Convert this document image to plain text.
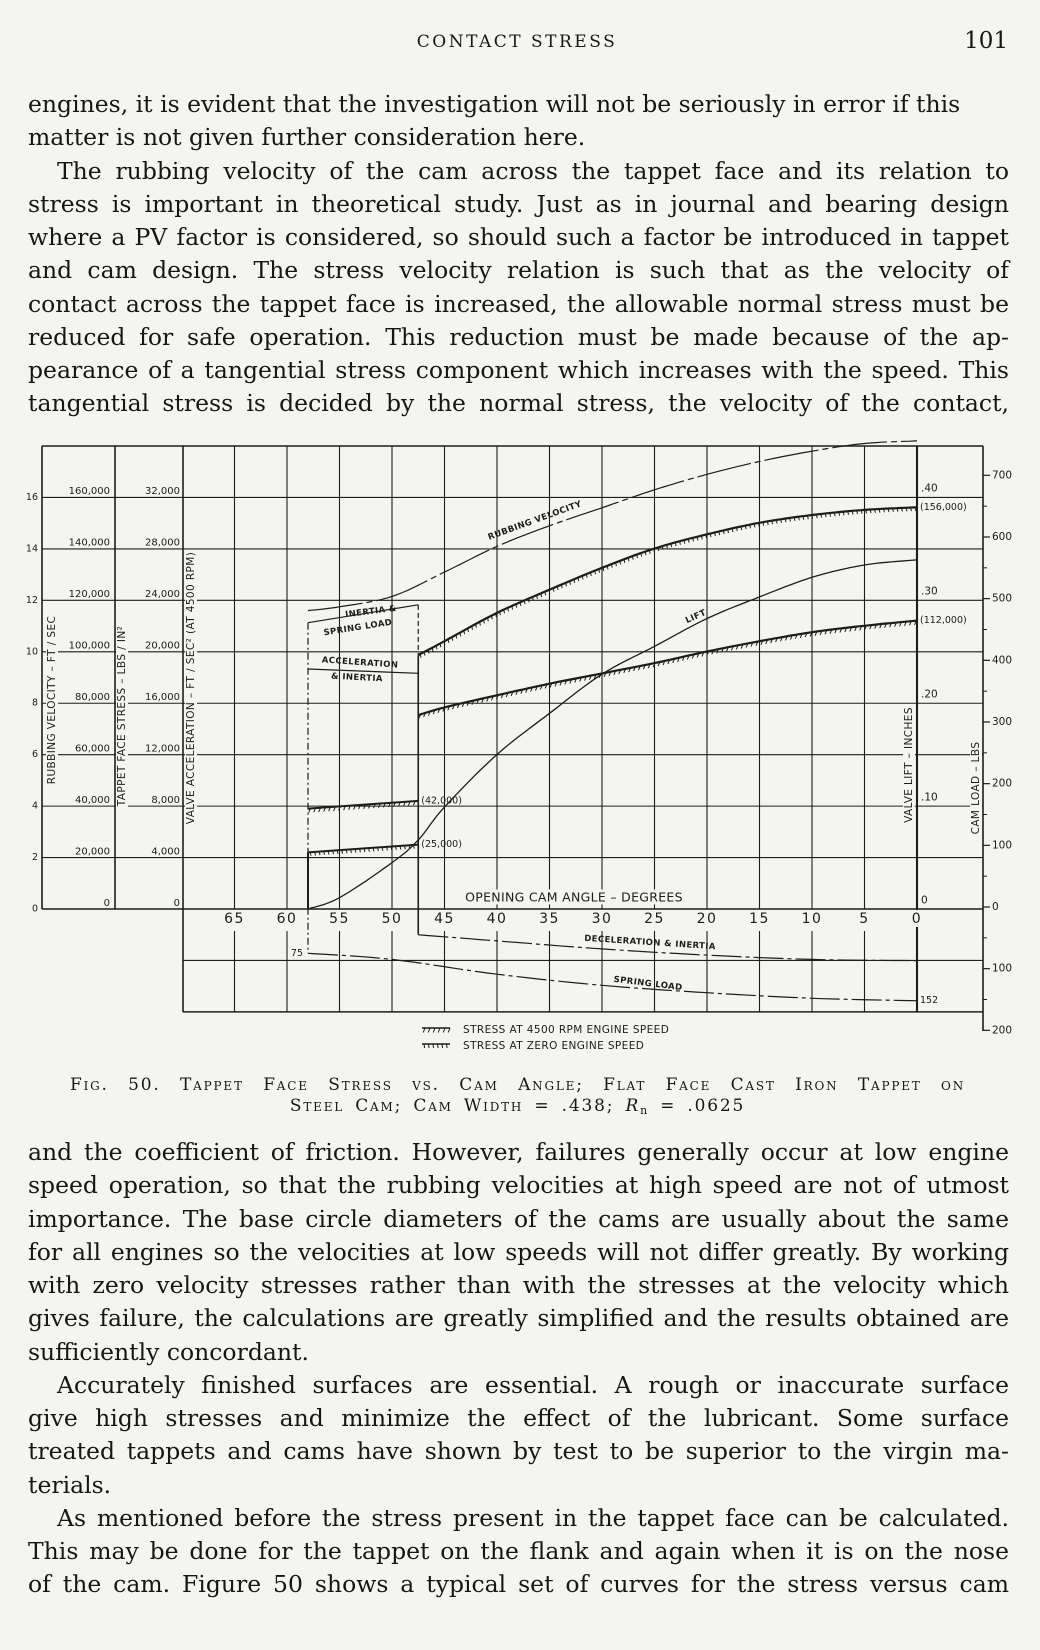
CONTACT STRESS	101
engines, it is evident that the investigation will not be seriously in error if this
matter is not given further consideration here.
The rubbing velocity of the cam across the tappet face and its relation to
stress is important in theoretical study. Just as in journal and bearing design
where a PV factor is considered, so should such a factor be introduced in tappet
and cam design. The stress velocity relation is such that as the velocity of
contact across the tappet face is increased, the allowable normal stress must be
reduced for safe operation. This reduction must be made because of the ap-
pearance of a tangential stress component which increases with the speed. This
tangential stress is decided by the normal stress, the velocity of the contact,
65 60 55 50 45 40 35 30 25 20 15 10	5	0
16
14
12
10
8
6
4
2
0
160,000
140,000
120,000
100,000
80,000
60,000
40,000
20,000
0
32,000
28,000
24,000
20,000
16,000
12,000
8,000
4,000
0
.40
.30
.20
.10
0
700
600
500
400
300
200
100
0
100
200
(156,000)
(112,000)
(42,000)
(25,000)
75
152
RUBBING VELOCITY
LIFT
INERTIA &
SPRING LOAD
ACCELERATION
& INERTIA
DECELERATION & INERTIA
SPRING LOAD
RUBBING VELOCITY – FT / SEC	TAPPET FACE STRESS – LBS / IN²	VALVE ACCELERATION – FT / SEC² (AT 4500 RPM)	VALVE LIFT – INCHES	CAM LOAD – LBS
OPENING CAM ANGLE – DEGREES
STRESS AT 4500 RPM ENGINE SPEED
STRESS AT ZERO ENGINE SPEED
Fig. 50. Tappet Face Stress vs. Cam Angle; Flat Face Cast Iron Tappet on
Steel Cam; Cam Width = .438; $R_n = .0625$
and the coefficient of friction. However, failures generally occur at low engine
speed operation, so that the rubbing velocities at high speed are not of utmost
importance. The base circle diameters of the cams are usually about the same
for all engines so the velocities at low speeds will not differ greatly. By working
with zero velocity stresses rather than with the stresses at the velocity which
gives failure, the calculations are greatly simplified and the results obtained are
sufficiently concordant.
Accurately finished surfaces are essential. A rough or inaccurate surface
give high stresses and minimize the effect of the lubricant. Some surface
treated tappets and cams have shown by test to be superior to the virgin ma-
terials.
As mentioned before the stress present in the tappet face can be calculated.
This may be done for the tappet on the flank and again when it is on the nose
of the cam. Figure 50 shows a typical set of curves for the stress versus cam
